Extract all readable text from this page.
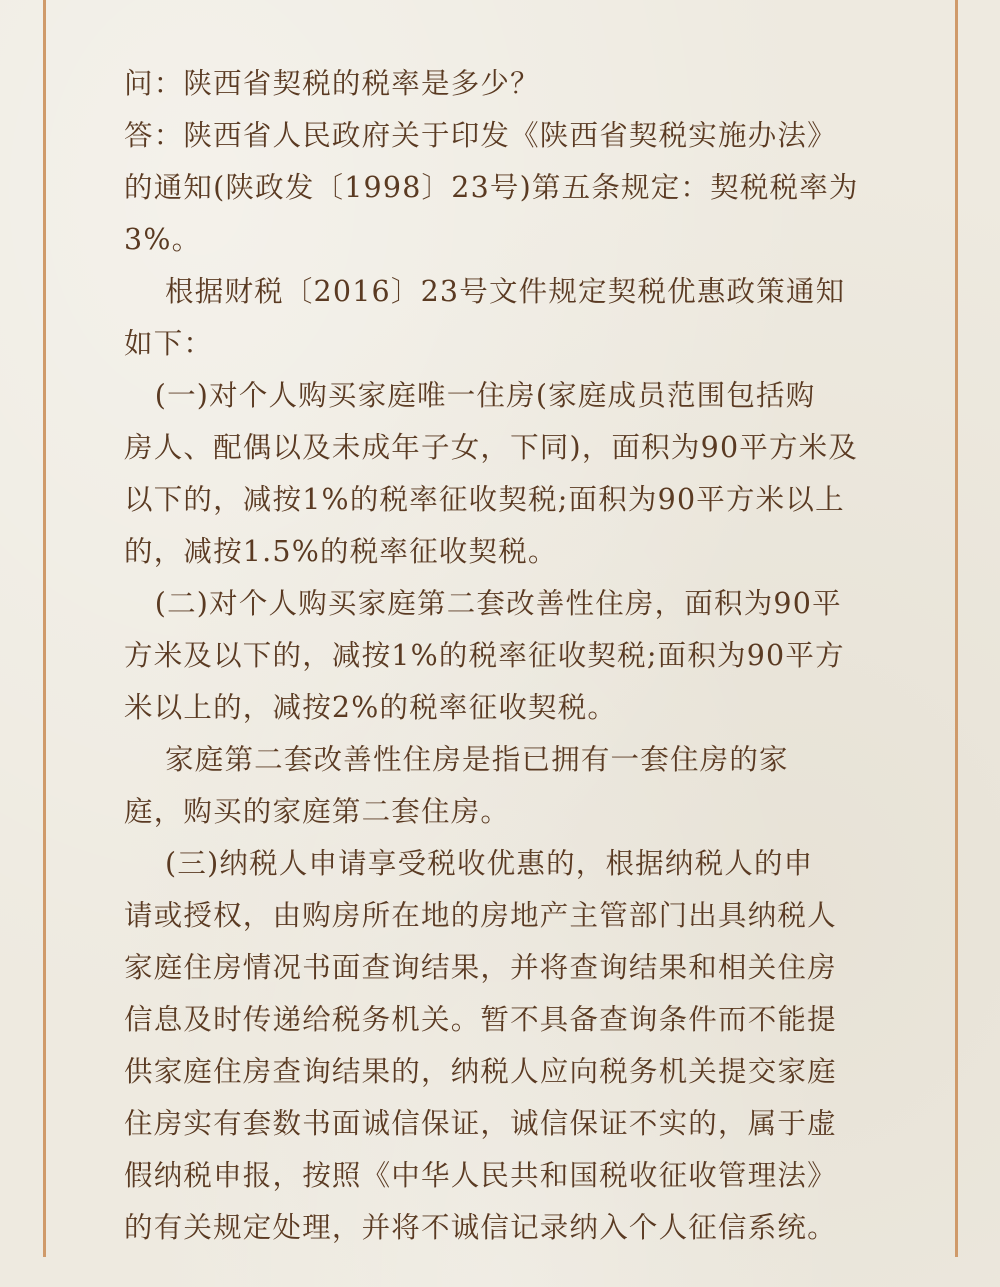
问：陕西省契税的税率是多少？

答：陕西省人民政府关于印发《陕西省契税实施办法》

的通知(陕政发〔1998〕23号)第五条规定：契税税率为

3%。

根据财税〔2016〕23号文件规定契税优惠政策通知

如下：

(一)对个人购买家庭唯一住房(家庭成员范围包括购

房人、配偶以及未成年子女，下同)，面积为90平方米及

以下的，减按1%的税率征收契税;面积为90平方米以上

的，减按1.5%的税率征收契税。

(二)对个人购买家庭第二套改善性住房，面积为90平

方米及以下的，减按1%的税率征收契税;面积为90平方

米以上的，减按2%的税率征收契税。

家庭第二套改善性住房是指已拥有一套住房的家

庭，购买的家庭第二套住房。

(三)纳税人申请享受税收优惠的，根据纳税人的申

请或授权，由购房所在地的房地产主管部门出具纳税人

家庭住房情况书面查询结果，并将查询结果和相关住房

信息及时传递给税务机关。暂不具备查询条件而不能提

供家庭住房查询结果的，纳税人应向税务机关提交家庭

住房实有套数书面诚信保证，诚信保证不实的，属于虚

假纳税申报，按照《中华人民共和国税收征收管理法》

的有关规定处理，并将不诚信记录纳入个人征信系统。
